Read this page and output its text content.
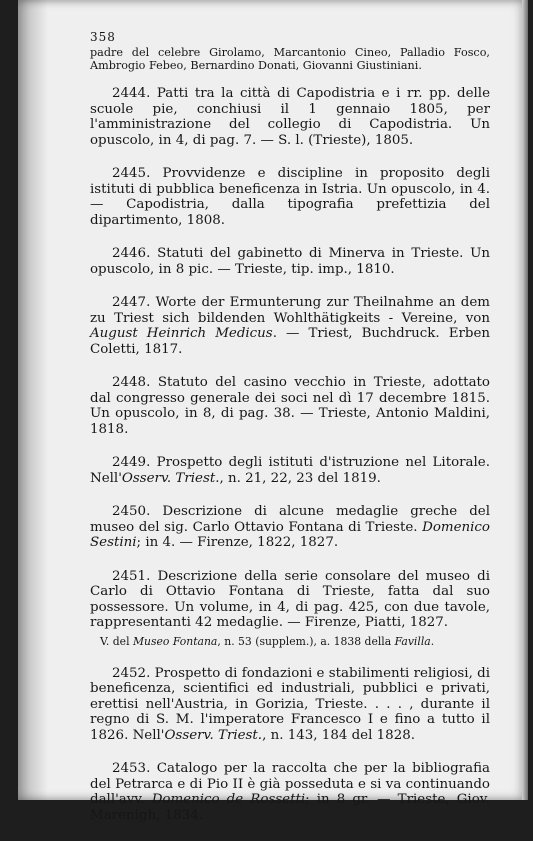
358
padre del celebre Girolamo, Marcantonio Cineo, Palladio Fosco, Ambrogio Febeo, Bernardino Donati, Giovanni Giustiniani.
2444 . Patti tra la città di Capodistria e i rr. pp. delle scuole pie, conchiusi il 1 gennaio 1805, per l'amministrazione del collegio di Capodistria. Un opuscolo, in 4, di pag. 7. — S. l. (Trieste), 1805.
2445 . Provvidenze e discipline in proposito degli istituti di pubblica beneficenza in Istria. Un opuscolo, in 4. — Capodistria, dalla tipografia prefettizia del dipartimento, 1808.
2446 . Statuti del gabinetto di Minerva in Trieste. Un opuscolo, in 8 pic. — Trieste, tip. imp., 1810.
2447 . Worte der Ermunterung zur Theilnahme an dem zu Triest sich bildenden Wohlthätigkeits - Vereine, von August Heinrich Medicus. — Triest, Buchdruck. Erben Coletti, 1817.
2448 . Statuto del casino vecchio in Trieste, adottato dal congresso generale dei soci nel dì 17 decembre 1815. Un opuscolo, in 8, di pag. 38. — Trieste, Antonio Maldini, 1818.
2449 . Prospetto degli istituti d'istruzione nel Litorale. Nell'Osserv. Triest., n. 21, 22, 23 del 1819.
2450 . Descrizione di alcune medaglie greche del museo del sig. Carlo Ottavio Fontana di Trieste. Domenico Sestini; in 4. — Firenze, 1822, 1827.
2451 . Descrizione della serie consolare del museo di Carlo di Ottavio Fontana di Trieste, fatta dal suo possessore. Un volume, in 4, di pag. 425, con due tavole, rappresentanti 42 medaglie. — Firenze, Piatti, 1827.
V. del Museo Fontana, n. 53 (supplem.), a. 1838 della Favilla.
2452 . Prospetto di fondazioni e stabilimenti religiosi, di beneficenza, scientifici ed industriali, pubblici e privati, erettisi nell'Austria, in Gorizia, Trieste. . . . , durante il regno di S. M. l'imperatore Francesco I e fino a tutto il 1826. Nell'Osserv. Triest., n. 143, 184 del 1828.
2453 . Catalogo per la raccolta che per la bibliografia del Petrarca e di Pio II è già posseduta e si va continuando dall'avv. Domenico de Rossetti; in 8 gr. — Trieste, Giov. Marenigh, 1834.
